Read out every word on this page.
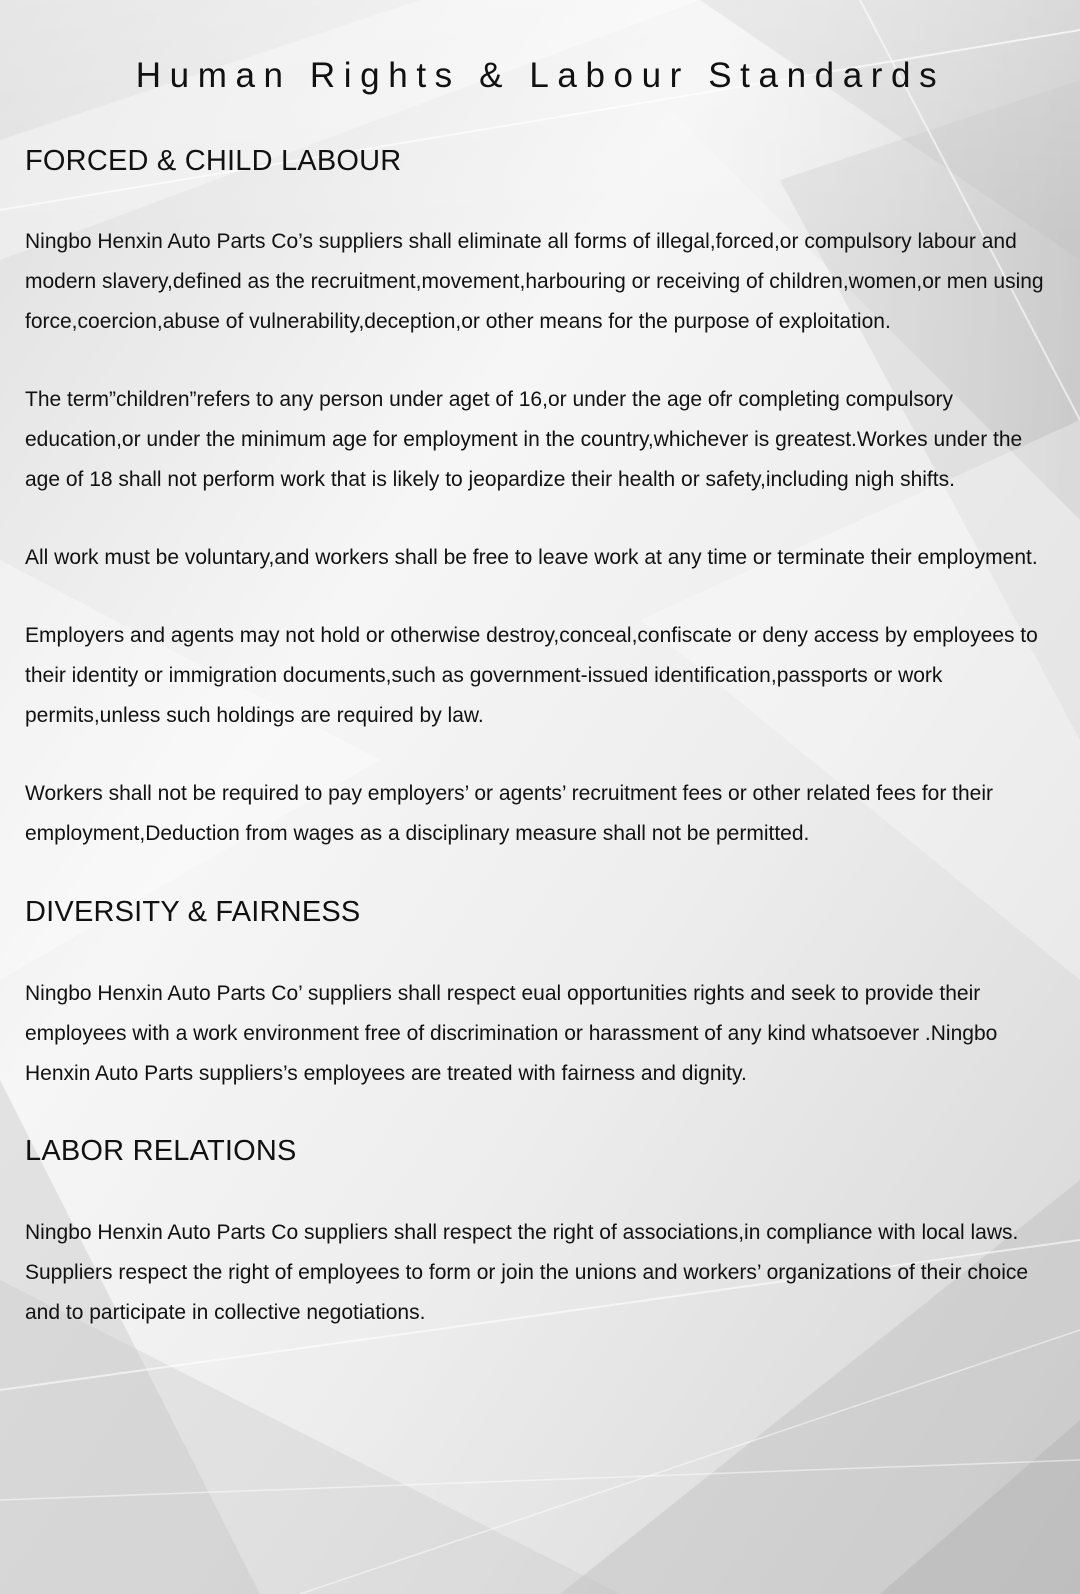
Human Rights & Labour Standards
FORCED & CHILD LABOUR

Ningbo Henxin Auto Parts Co’s suppliers shall eliminate all forms of illegal,forced,or compulsory labour and modern slavery,defined as the recruitment,movement,harbouring or receiving of children,women,or men using force,coercion,abuse of vulnerability,deception,or other means for the purpose of exploitation.

The term”children”refers to any person under aget of 16,or under the age ofr completing compulsory education,or under the minimum age for employment in the country,whichever is greatest.Workes under the age of 18 shall not perform work that is likely to jeopardize their health or safety,including nigh shifts.

All work must be voluntary,and workers shall be free to leave work at any time or terminate their employment.

Employers and agents may not hold or otherwise destroy,conceal,confiscate or deny access by employees to their identity or immigration documents,such as government-issued identification,passports or work permits,unless such holdings are required by law.

Workers shall not be required to pay employers’ or agents’ recruitment fees or other related fees for their employment,Deduction from wages as a disciplinary measure shall not be permitted.

DIVERSITY & FAIRNESS

Ningbo Henxin Auto Parts Co’ suppliers shall respect eual opportunities rights and seek to provide their employees with a work environment free of discrimination or harassment of any kind whatsoever .Ningbo Henxin Auto Parts suppliers’s employees are treated with fairness and dignity.

LABOR RELATIONS

Ningbo Henxin Auto Parts Co suppliers shall respect the right of associations,in compliance with local laws. Suppliers respect the right of employees to form or join the unions and workers’ organizations of their choice and to participate in collective negotiations.
